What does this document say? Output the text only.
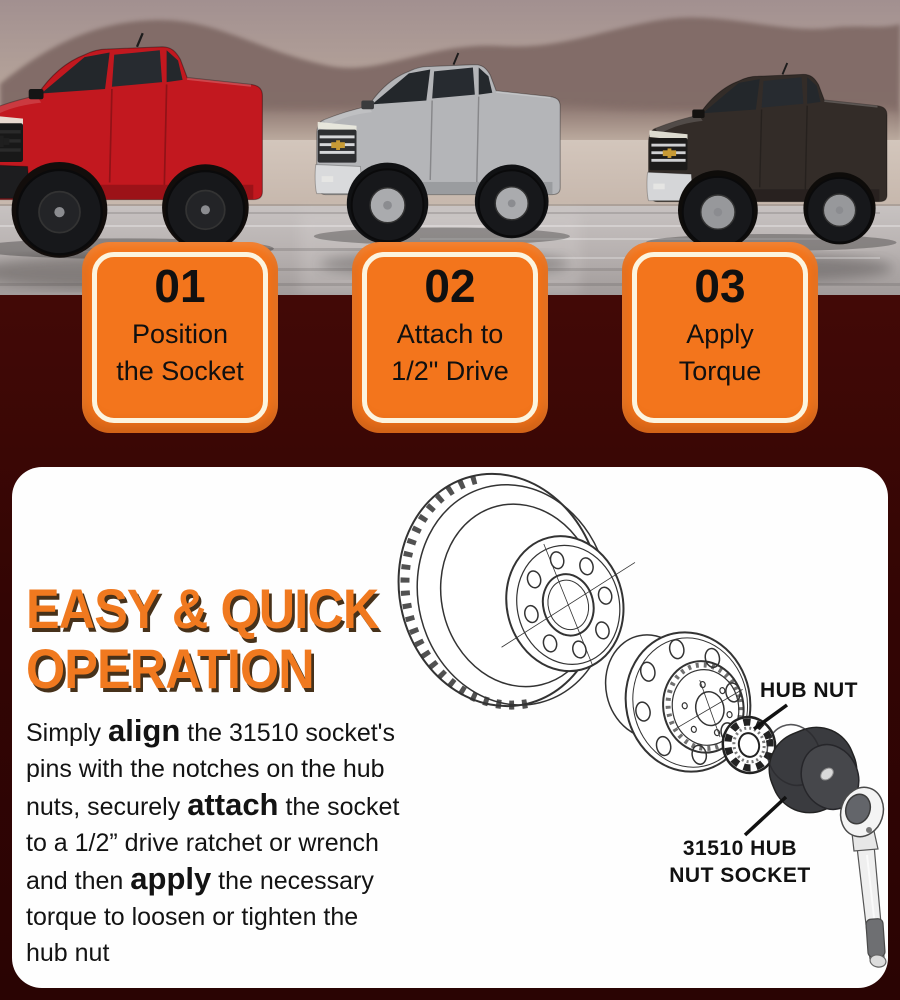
01
Position
the Socket
02
Attach to
1/2" Drive
03
Apply
Torque
HUB NUT
31510 HUB
NUT SOCKET
EASY & QUICK
OPERATION
Simply align the 31510 socket's
pins with the notches on the hub
nuts, securely attach the socket
to a 1/2” drive ratchet or wrench
and then apply the necessary
torque to loosen or tighten the
hub nut
